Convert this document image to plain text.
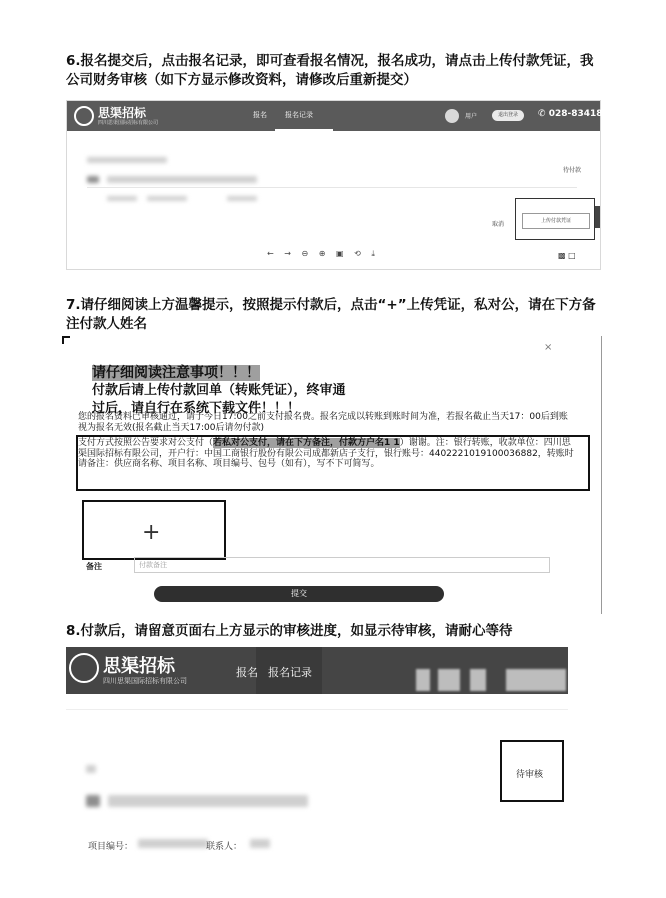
6.报名提交后，点击报名记录，即可查看报名情况，报名成功，请点击上传付款凭证，我公司财务审核（如下方显示修改资料，请修改后重新提交）
思渠招标
四川思渠国际招标有限公司
报名	报名记录	用户	退出登录	✆ 028-834180
待付款
取消	上传付款凭证
← → ⊖ ⊕ ▣ ⟲ ⤓	▩ □
7.请仔细阅读上方温馨提示，按照提示付款后，点击“+”上传凭证，私对公，请在下方备注付款人姓名
×
请仔细阅读注意事项！！！
付款后请上传付款回单（转账凭证），终审通
过后，请自行在系统下载文件！！！
您的报名资料已审核通过，请于今日17:00之前支付报名费。报名完成以转账到账时间为准，若报名截止当天17：00后到账视为报名无效(报名截止当天17:00后请勿付款)
支付方式按照公告要求对公支付（若私对公支付，请在下方备注，付款方户名1 1）谢谢。注：银行转账，收款单位：四川思渠国际招标有限公司，开户行：中国工商银行股份有限公司成都新店子支行，银行账号：4402221019100036882，转账时请备注：供应商名称、项目名称、项目编号、包号（如有），写不下可简写。
+
备注	付款备注
提交
8.付款后，请留意页面右上方显示的审核进度，如显示待审核，请耐心等待
思渠招标
四川思渠国际招标有限公司
报名 报名记录
项目编号：	联系人：
待审核
